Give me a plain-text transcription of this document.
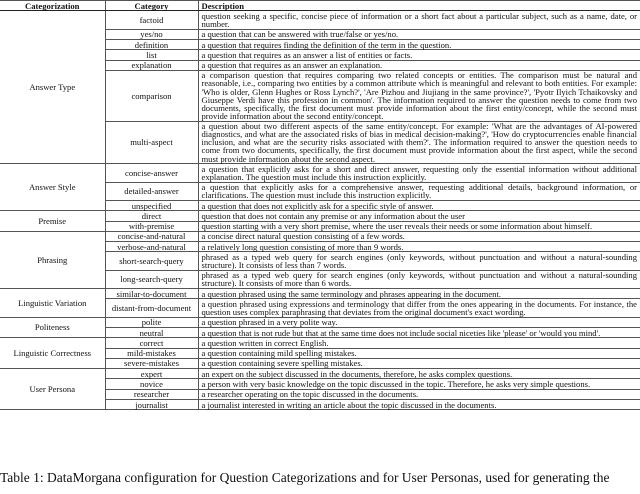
Categorization	Category	Description
Answer Type	factoid	question seeking a specific, concise piece of information or a short fact about a particular subject, such as a name, date, or number.
	yes/no	a question that can be answered with true/false or yes/no.
	definition	a question that requires finding the definition of the term in the question.
	list	a question that requires as an answer a list of entities or facts.
	explanation	a question that requires as an answer an explanation.
	comparison	a comparison question that requires comparing two related concepts or entities. The comparison must be natural and reasonable, i.e., comparing two entities by a common attribute which is meaningful and relevant to both entities. For example: 'Who is older, Glenn Hughes or Ross Lynch?', 'Are Pizhou and Jiujiang in the same province?', 'Pyotr Ilyich Tchaikovsky and Giuseppe Verdi have this profession in common'. The information required to answer the question needs to come from two documents, specifically, the first document must provide information about the first entity/concept, while the second must provide information about the second entity/concept.
	multi-aspect	a question about two different aspects of the same entity/concept. For example: 'What are the advantages of AI-powered diagnostics, and what are the associated risks of bias in medical decision-making?', 'How do cryptocurrencies enable financial inclusion, and what are the security risks associated with them?'. The information required to answer the question needs to come from two documents, specifically, the first document must provide information about the first aspect, while the second must provide information about the second aspect.
Answer Style	concise-answer	a question that explicitly asks for a short and direct answer, requesting only the essential information without additional explanation. The question must include this instruction explicitly.
	detailed-answer	a question that explicitly asks for a comprehensive answer, requesting additional details, background information, or clarifications. The question must include this instruction explicitly.
	unspecified	a question that does not explicitly ask for a specific style of answer.
Premise	direct	question that does not contain any premise or any information about the user
	with-premise	question starting with a very short premise, where the user reveals their needs or some information about himself.
Phrasing	concise-and-natural	a concise direct natural question consisting of a few words.
	verbose-and-natural	a relatively long question consisting of more than 9 words.
	short-search-query	phrased as a typed web query for search engines (only keywords, without punctuation and without a natural-sounding structure). It consists of less than 7 words.
	long-search-query	phrased as a typed web query for search engines (only keywords, without punctuation and without a natural-sounding structure). It consists of more than 6 words.
Linguistic Variation	similar-to-document	a question phrased using the same terminology and phrases appearing in the document.
	distant-from-document	a question phrased using expressions and terminology that differ from the ones appearing in the documents. For instance, the question uses complex paraphrasing that deviates from the original document's exact wording.
Politeness	polite	a question phrased in a very polite way.
	neutral	a question that is not rude but that at the same time does not include social niceties like 'please' or 'would you mind'.
Linguistic Correctness	correct	a question written in correct English.
	mild-mistakes	a question containing mild spelling mistakes.
	severe-mistakes	a question containing severe spelling mistakes.
User Persona	expert	an expert on the subject discussed in the documents, therefore, he asks complex questions.
	novice	a person with very basic knowledge on the topic discussed in the topic. Therefore, he asks very simple questions.
	researcher	a researcher operating on the topic discussed in the documents.
	journalist	a journalist interested in writing an article about the topic discussed in the documents.
Table 1: DataMorgana configuration for Question Categorizations and for User Personas, used for generating the
